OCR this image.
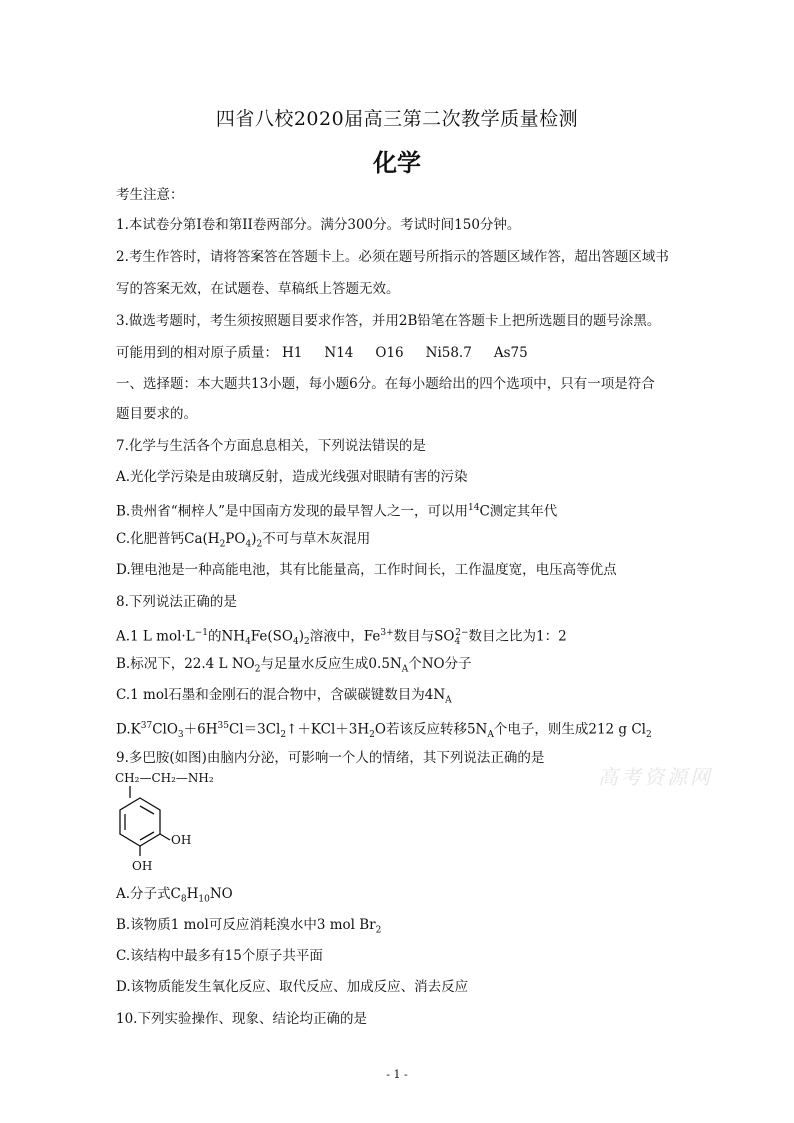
四省八校2020届高三第二次教学质量检测
化学
考生注意：
1.本试卷分第I卷和第II卷两部分。满分300分。考试时间150分钟。
2.考生作答时，请将答案答在答题卡上。必须在题号所指示的答题区域作答，超出答题区域书
写的答案无效，在试题卷、草稿纸上答题无效。
3.做选考题时，考生须按照题目要求作答，并用2B铅笔在答题卡上把所选题目的题号涂黑。
可能用到的相对原子质量： H1 N14 O16 Ni58.7 As75
一、选择题：本大题共13小题，每小题6分。在每小题给出的四个选项中，只有一项是符合
题目要求的。
7.化学与生活各个方面息息相关，下列说法错误的是
A.光化学污染是由玻璃反射，造成光线强对眼睛有害的污染
B.贵州省“桐梓人”是中国南方发现的最早智人之一，可以用$^{14}$C测定其年代
C.化肥普钙$Ca(H_2PO_4)_2$不可与草木灰混用
D.锂电池是一种高能电池，其有比能量高，工作时间长，工作温度宽，电压高等优点
8.下列说法正确的是
A.1 L $mol\cdot L^{-1}$的$NH_4Fe(SO_4)_2$溶液中，$Fe^{3+}$数目与$SO_4^{2-}$数目之比为1：2
B.标况下，22.4 L $NO_2$与足量水反应生成$0.5N_A$个NO分子
C.1 mol石墨和金刚石的混合物中，含碳碳键数目为$4N_A$
$D.K^{37}ClO_3+6H^{35}Cl=3Cl_2↑+KCl+3H_2O$若该反应转移$5N_A$个电子，则生成212 g $Cl_2$
9.多巴胺(如图)由脑内分泌，可影响一个人的情绪，其下列说法正确的是
CH₂—CH₂—NH₂
OH
OH
高考资源网
A.分子式$C_8H_{10}NO$
B.该物质1 mol可反应消耗溴水中3 mol $Br_2$
C.该结构中最多有15个原子共平面
D.该物质能发生氧化反应、取代反应、加成反应、消去反应
10.下列实验操作、现象、结论均正确的是
- 1 -
